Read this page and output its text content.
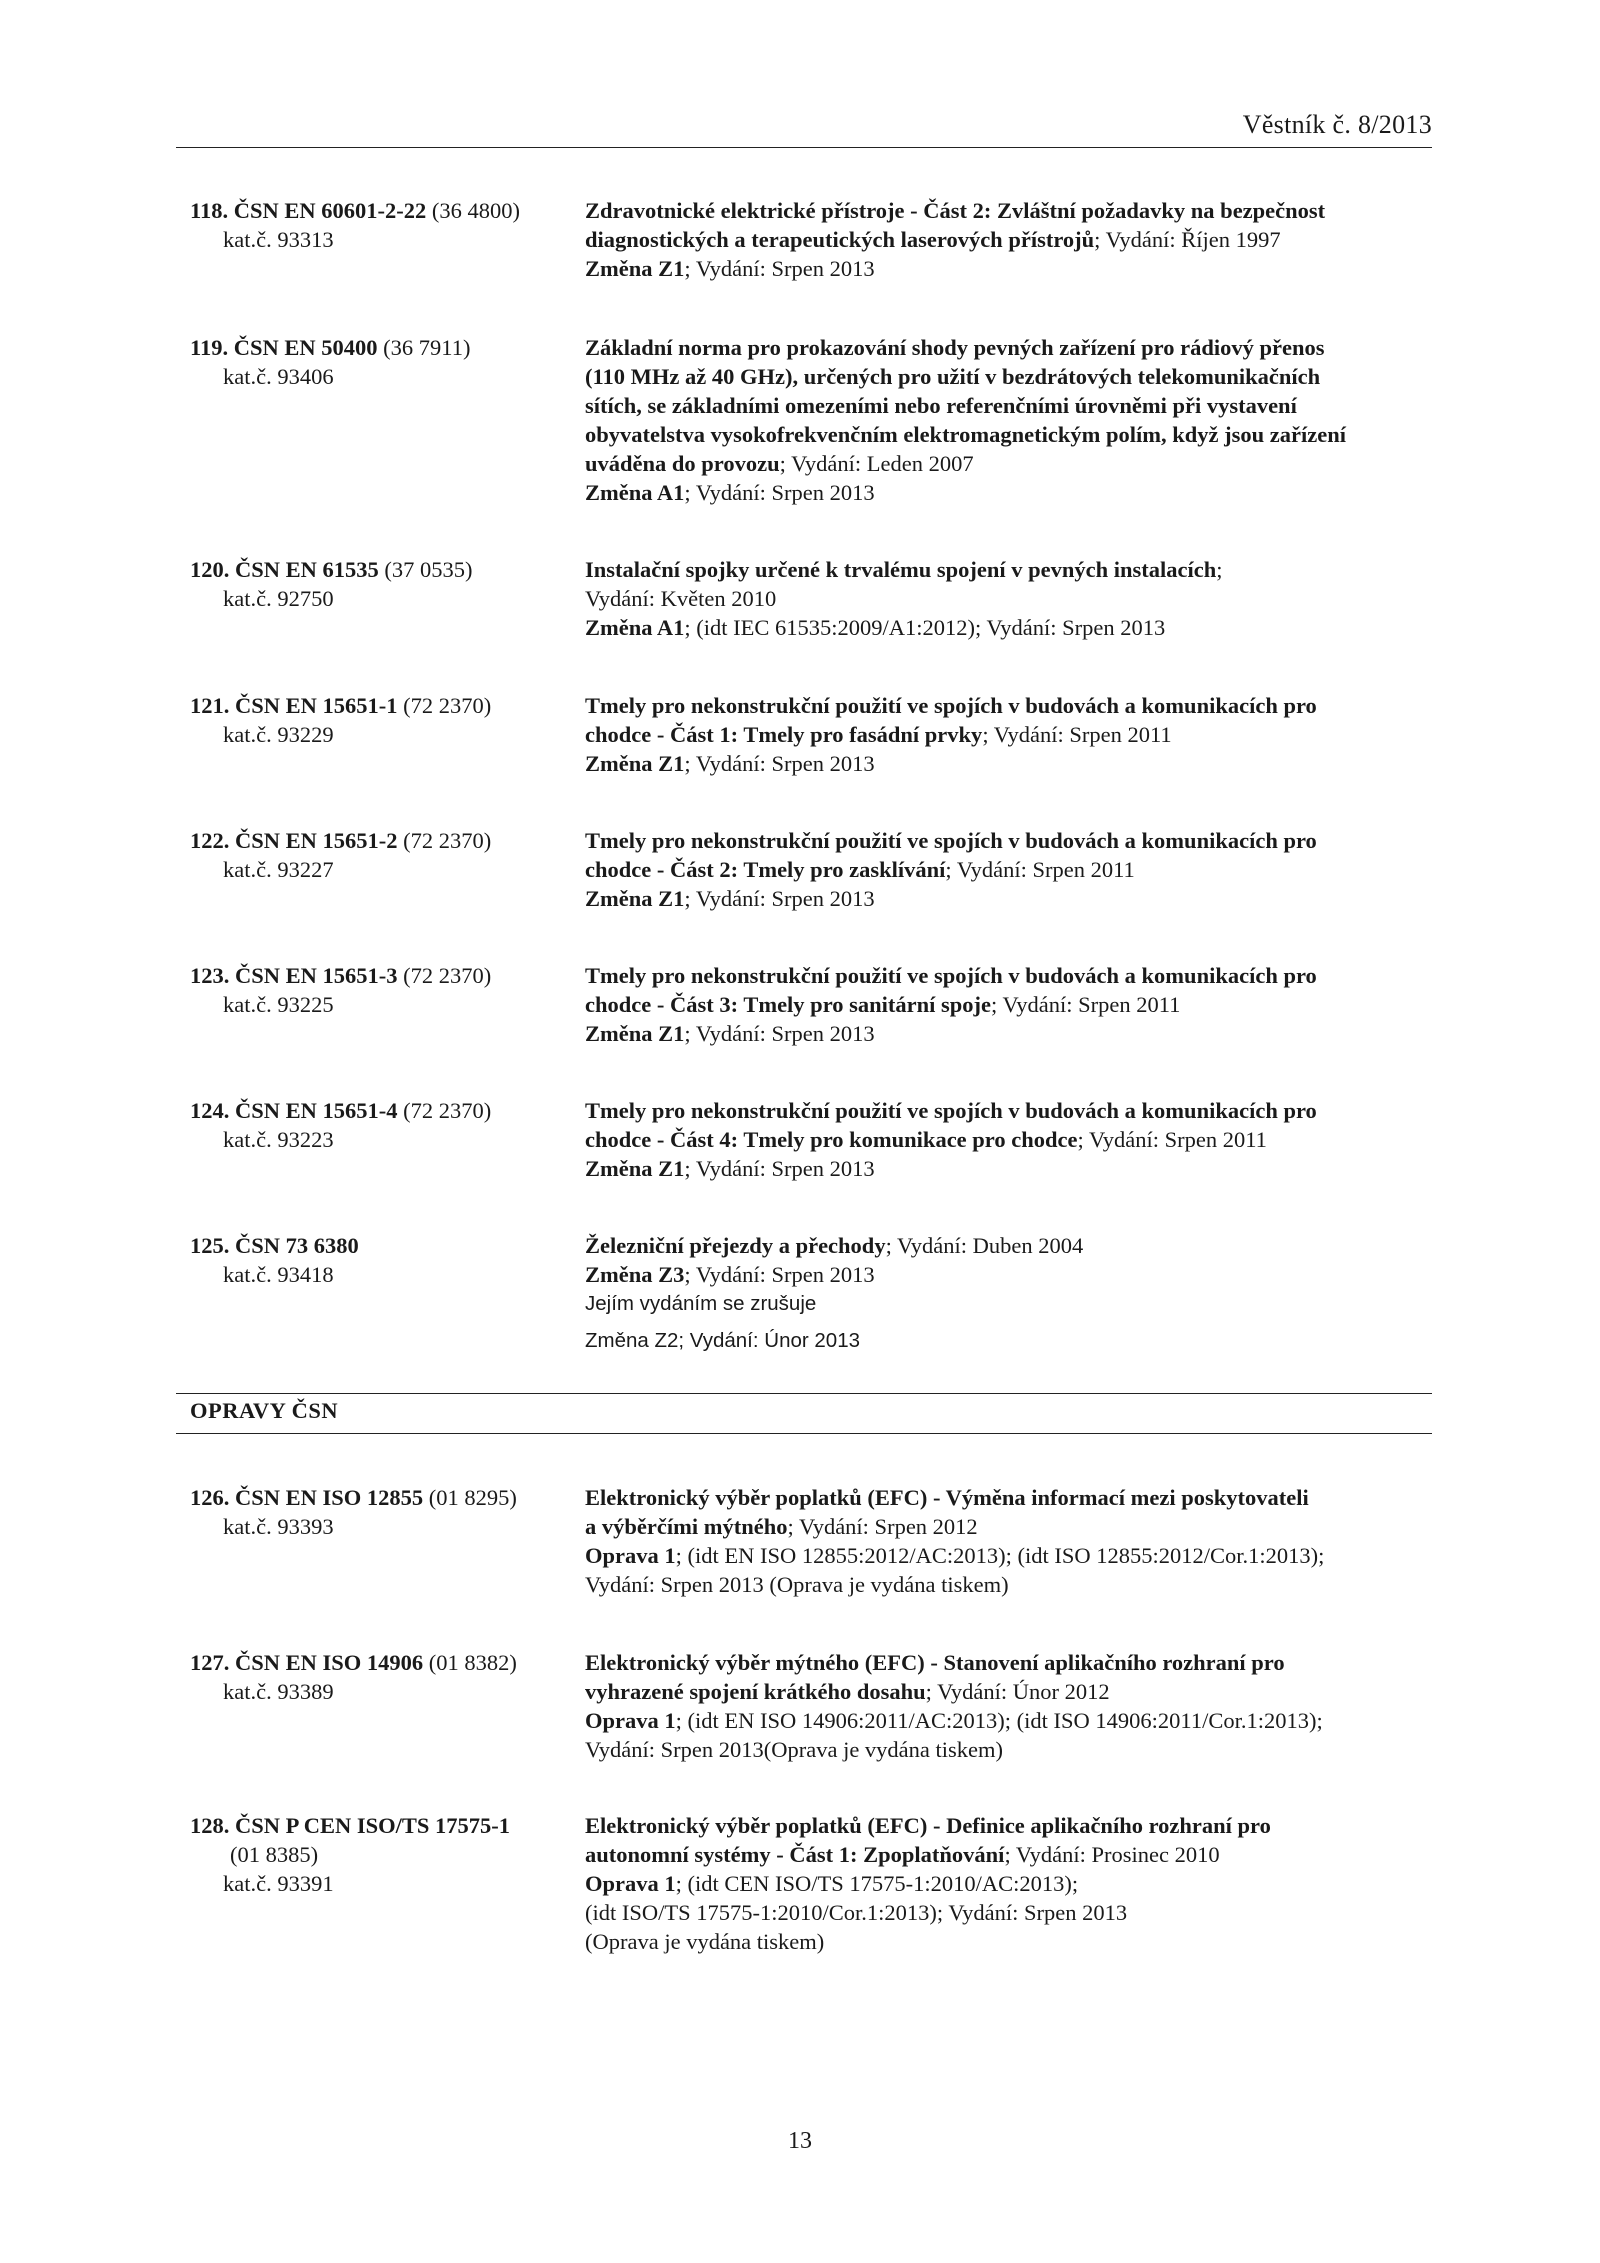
Věstník č. 8/2013
118. ČSN EN 60601-2-22 (36 4800)
kat.č. 93313
Zdravotnické elektrické přístroje - Část 2: Zvláštní požadavky na bezpečnost
diagnostických a terapeutických laserových přístrojů; Vydání: Říjen 1997
Změna Z1; Vydání: Srpen 2013
119. ČSN EN 50400 (36 7911)
kat.č. 93406
Základní norma pro prokazování shody pevných zařízení pro rádiový přenos
(110 MHz až 40 GHz), určených pro užití v bezdrátových telekomunikačních
sítích, se základními omezeními nebo referenčními úrovněmi při vystavení
obyvatelstva vysokofrekvenčním elektromagnetickým polím, když jsou zařízení
uváděna do provozu; Vydání: Leden 2007
Změna A1; Vydání: Srpen 2013
120. ČSN EN 61535 (37 0535)
kat.č. 92750
Instalační spojky určené k trvalému spojení v pevných instalacích;
Vydání: Květen 2010
Změna A1; (idt IEC 61535:2009/A1:2012); Vydání: Srpen 2013
121. ČSN EN 15651-1 (72 2370)
kat.č. 93229
Tmely pro nekonstrukční použití ve spojích v budovách a komunikacích pro
chodce - Část 1: Tmely pro fasádní prvky; Vydání: Srpen 2011
Změna Z1; Vydání: Srpen 2013
122. ČSN EN 15651-2 (72 2370)
kat.č. 93227
Tmely pro nekonstrukční použití ve spojích v budovách a komunikacích pro
chodce - Část 2: Tmely pro zasklívání; Vydání: Srpen 2011
Změna Z1; Vydání: Srpen 2013
123. ČSN EN 15651-3 (72 2370)
kat.č. 93225
Tmely pro nekonstrukční použití ve spojích v budovách a komunikacích pro
chodce - Část 3: Tmely pro sanitární spoje; Vydání: Srpen 2011
Změna Z1; Vydání: Srpen 2013
124. ČSN EN 15651-4 (72 2370)
kat.č. 93223
Tmely pro nekonstrukční použití ve spojích v budovách a komunikacích pro
chodce - Část 4: Tmely pro komunikace pro chodce; Vydání: Srpen 2011
Změna Z1; Vydání: Srpen 2013
125. ČSN 73 6380
kat.č. 93418
Železniční přejezdy a přechody; Vydání: Duben 2004
Změna Z3; Vydání: Srpen 2013
Jejím vydáním se zrušuje
Změna Z2; Vydání: Únor 2013
OPRAVY ČSN
126. ČSN EN ISO 12855 (01 8295)
kat.č. 93393
Elektronický výběr poplatků (EFC) - Výměna informací mezi poskytovateli
a výběrčími mýtného; Vydání: Srpen 2012
Oprava 1; (idt EN ISO 12855:2012/AC:2013); (idt ISO 12855:2012/Cor.1:2013);
Vydání: Srpen 2013 (Oprava je vydána tiskem)
127. ČSN EN ISO 14906 (01 8382)
kat.č. 93389
Elektronický výběr mýtného (EFC) - Stanovení aplikačního rozhraní pro
vyhrazené spojení krátkého dosahu; Vydání: Únor 2012
Oprava 1; (idt EN ISO 14906:2011/AC:2013); (idt ISO 14906:2011/Cor.1:2013);
Vydání: Srpen 2013(Oprava je vydána tiskem)
128. ČSN P CEN ISO/TS 17575-1
(01 8385)
kat.č. 93391
Elektronický výběr poplatků (EFC) - Definice aplikačního rozhraní pro
autonomní systémy - Část 1: Zpoplatňování; Vydání: Prosinec 2010
Oprava 1; (idt CEN ISO/TS 17575-1:2010/AC:2013);
(idt ISO/TS 17575-1:2010/Cor.1:2013); Vydání: Srpen 2013
(Oprava je vydána tiskem)
13
